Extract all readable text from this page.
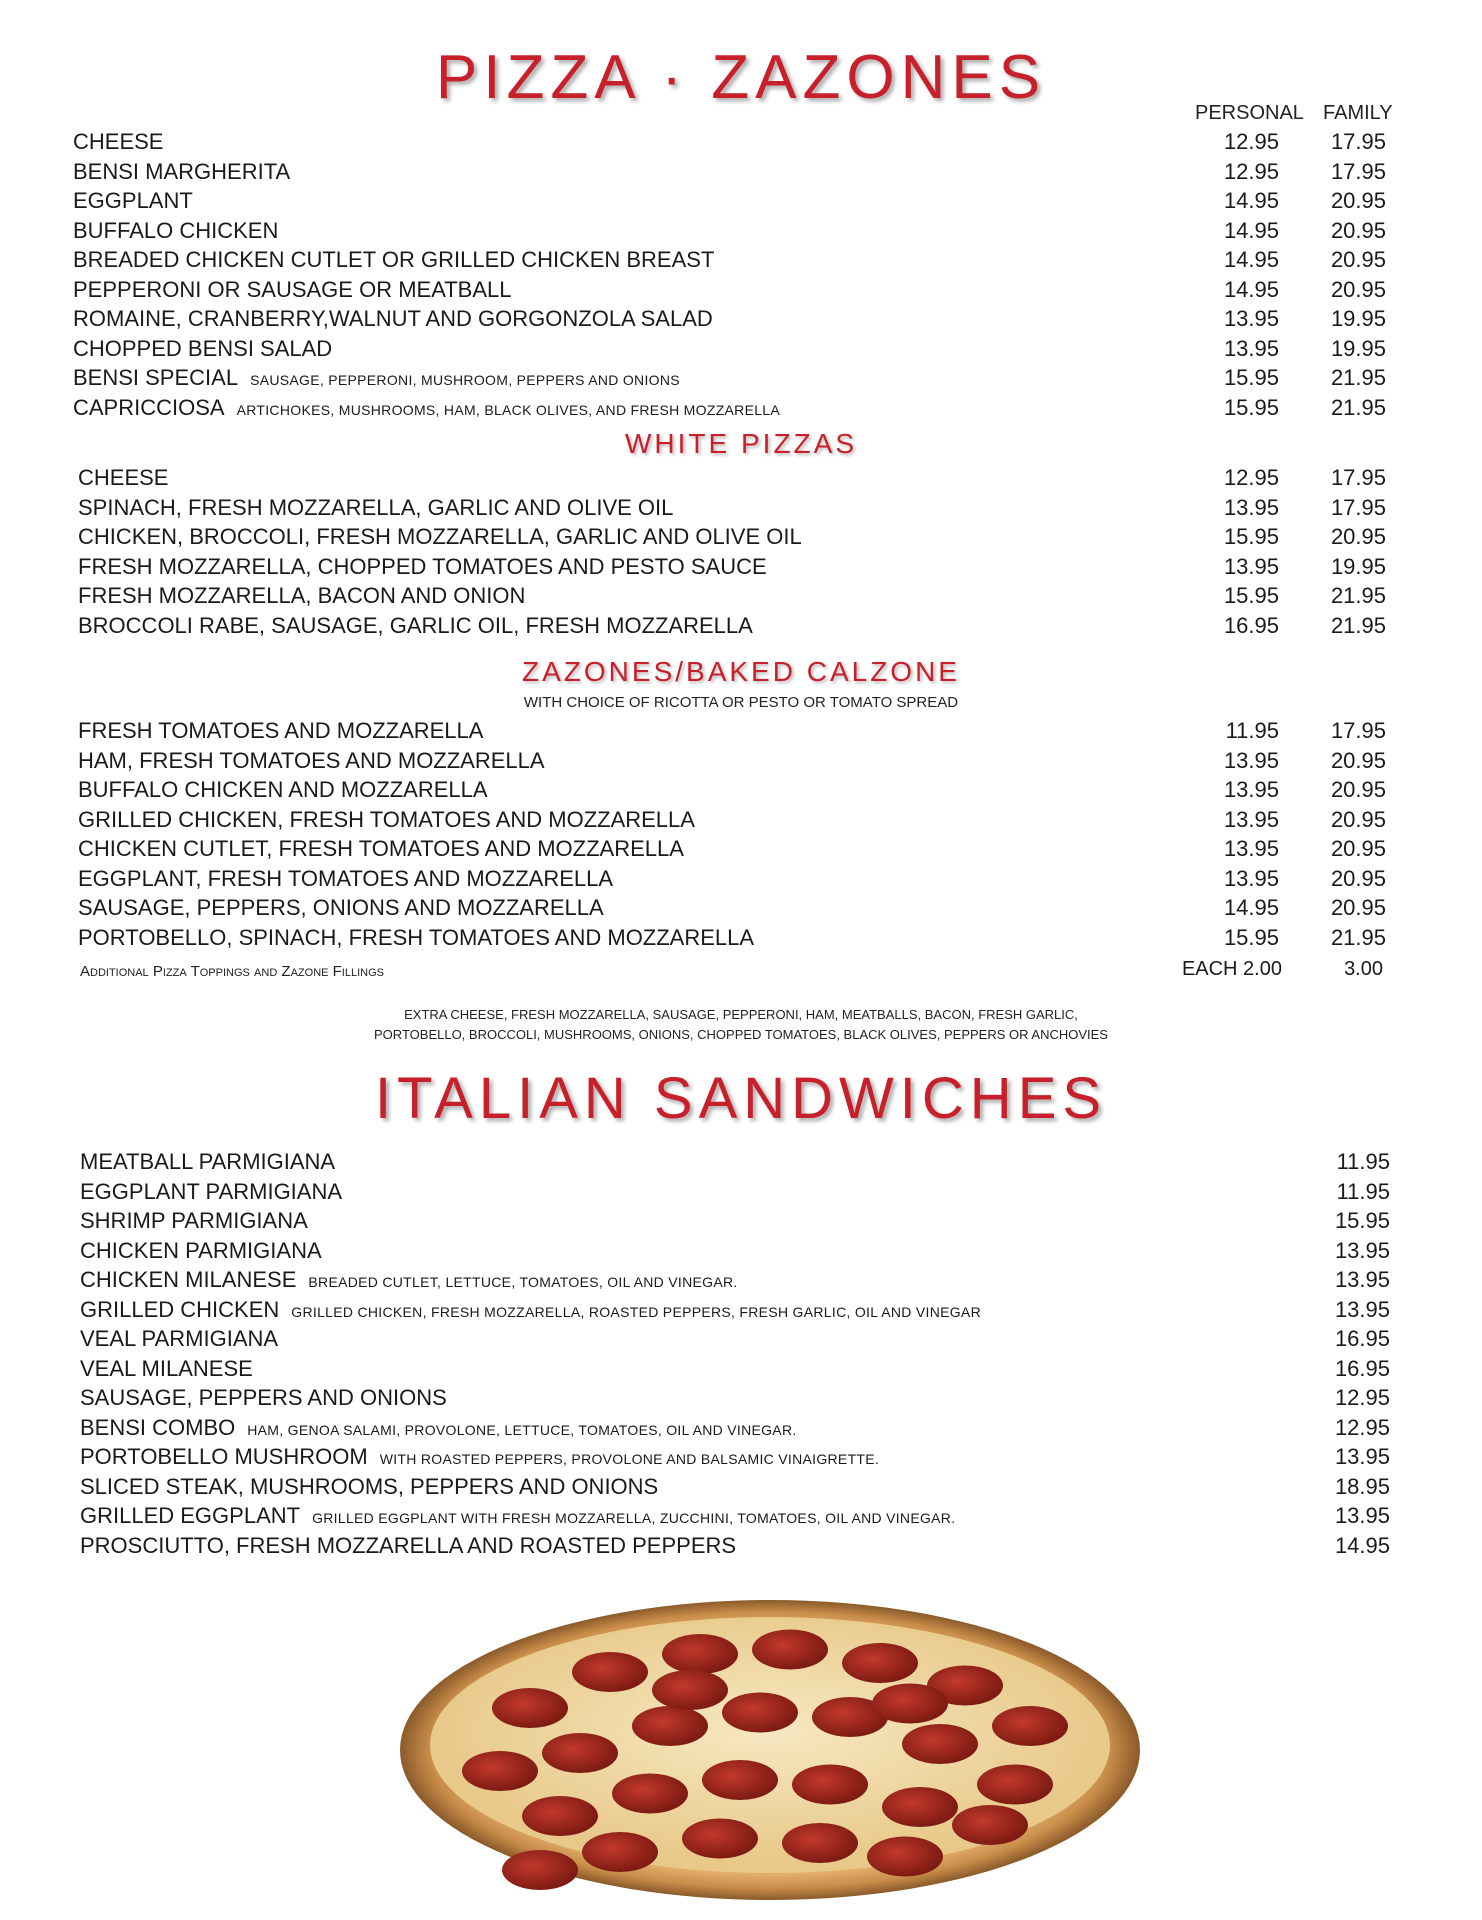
PIZZA · ZAZONES
PERSONAL FAMILY
CHEESE	12.95 17.95
BENSI MARGHERITA	12.95 17.95
EGGPLANT	14.95 20.95
BUFFALO CHICKEN	14.95 20.95
BREADED CHICKEN CUTLET OR GRILLED CHICKEN BREAST	14.95 20.95
PEPPERONI OR SAUSAGE OR MEATBALL	14.95 20.95
ROMAINE, CRANBERRY,WALNUT AND GORGONZOLA SALAD	13.95 19.95
CHOPPED BENSI SALAD	13.95 19.95
BENSI SPECIAL SAUSAGE, PEPPERONI, MUSHROOM, PEPPERS AND ONIONS	15.95 21.95
CAPRICCIOSA ARTICHOKES, MUSHROOMS, HAM, BLACK OLIVES, AND FRESH MOZZARELLA	15.95 21.95
WHITE PIZZAS
CHEESE	12.95 17.95
SPINACH, FRESH MOZZARELLA, GARLIC AND OLIVE OIL	13.95 17.95
CHICKEN, BROCCOLI, FRESH MOZZARELLA, GARLIC AND OLIVE OIL	15.95 20.95
FRESH MOZZARELLA, CHOPPED TOMATOES AND PESTO SAUCE	13.95 19.95
FRESH MOZZARELLA, BACON AND ONION	15.95 21.95
BROCCOLI RABE, SAUSAGE, GARLIC OIL, FRESH MOZZARELLA	16.95 21.95
ZAZONES/BAKED CALZONE
WITH CHOICE OF RICOTTA OR PESTO OR TOMATO SPREAD
FRESH TOMATOES AND MOZZARELLA	11.95 17.95
HAM, FRESH TOMATOES AND MOZZARELLA	13.95 20.95
BUFFALO CHICKEN AND MOZZARELLA	13.95 20.95
GRILLED CHICKEN, FRESH TOMATOES AND MOZZARELLA	13.95 20.95
CHICKEN CUTLET, FRESH TOMATOES AND MOZZARELLA	13.95 20.95
EGGPLANT, FRESH TOMATOES AND MOZZARELLA	13.95 20.95
SAUSAGE, PEPPERS, ONIONS AND MOZZARELLA	14.95 20.95
PORTOBELLO, SPINACH, FRESH TOMATOES AND MOZZARELLA	15.95 21.95
Additional Pizza Toppings and Zazone Fillings	EACH 2.00	3.00
EXTRA CHEESE, FRESH MOZZARELLA, SAUSAGE, PEPPERONI, HAM, MEATBALLS, BACON, FRESH GARLIC,
PORTOBELLO, BROCCOLI, MUSHROOMS, ONIONS, CHOPPED TOMATOES, BLACK OLIVES, PEPPERS OR ANCHOVIES
ITALIAN SANDWICHES
MEATBALL PARMIGIANA	11.95
EGGPLANT PARMIGIANA	11.95
SHRIMP PARMIGIANA	15.95
CHICKEN PARMIGIANA	13.95
CHICKEN MILANESE BREADED CUTLET, LETTUCE, TOMATOES, OIL AND VINEGAR.	13.95
GRILLED CHICKEN GRILLED CHICKEN, FRESH MOZZARELLA, ROASTED PEPPERS, FRESH GARLIC, OIL AND VINEGAR	13.95
VEAL PARMIGIANA	16.95
VEAL MILANESE	16.95
SAUSAGE, PEPPERS AND ONIONS	12.95
BENSI COMBO HAM, GENOA SALAMI, PROVOLONE, LETTUCE, TOMATOES, OIL AND VINEGAR.	12.95
PORTOBELLO MUSHROOM WITH ROASTED PEPPERS, PROVOLONE AND BALSAMIC VINAIGRETTE.	13.95
SLICED STEAK, MUSHROOMS, PEPPERS AND ONIONS	18.95
GRILLED EGGPLANT GRILLED EGGPLANT WITH FRESH MOZZARELLA, ZUCCHINI, TOMATOES, OIL AND VINEGAR.	13.95
PROSCIUTTO, FRESH MOZZARELLA AND ROASTED PEPPERS	14.95
